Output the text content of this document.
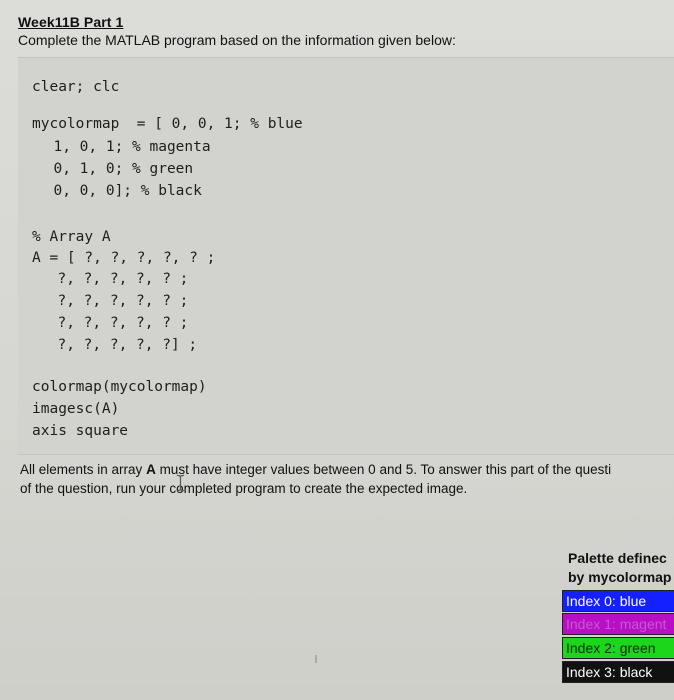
Week11B Part 1
Complete the MATLAB program based on the information given below:
clear; clc
mycolormap  = [ 0, 0, 1; % blue
1, 0, 1; % magenta
0, 1, 0; % green
0, 0, 0]; % black
% Array A
A = [ ?, ?, ?, ?, ? ;
?, ?, ?, ?, ? ;
?, ?, ?, ?, ? ;
?, ?, ?, ?, ? ;
?, ?, ?, ?, ?] ;
colormap(mycolormap)
imagesc(A)
axis square
All elements in array A must have integer values between 0 and 5. To answer this part of the questi
of the question, run your completed program to create the expected image.
Palette definec
by mycolormap
Index 0: blue
Index 1: magent
Index 2: green
Index 3: black
